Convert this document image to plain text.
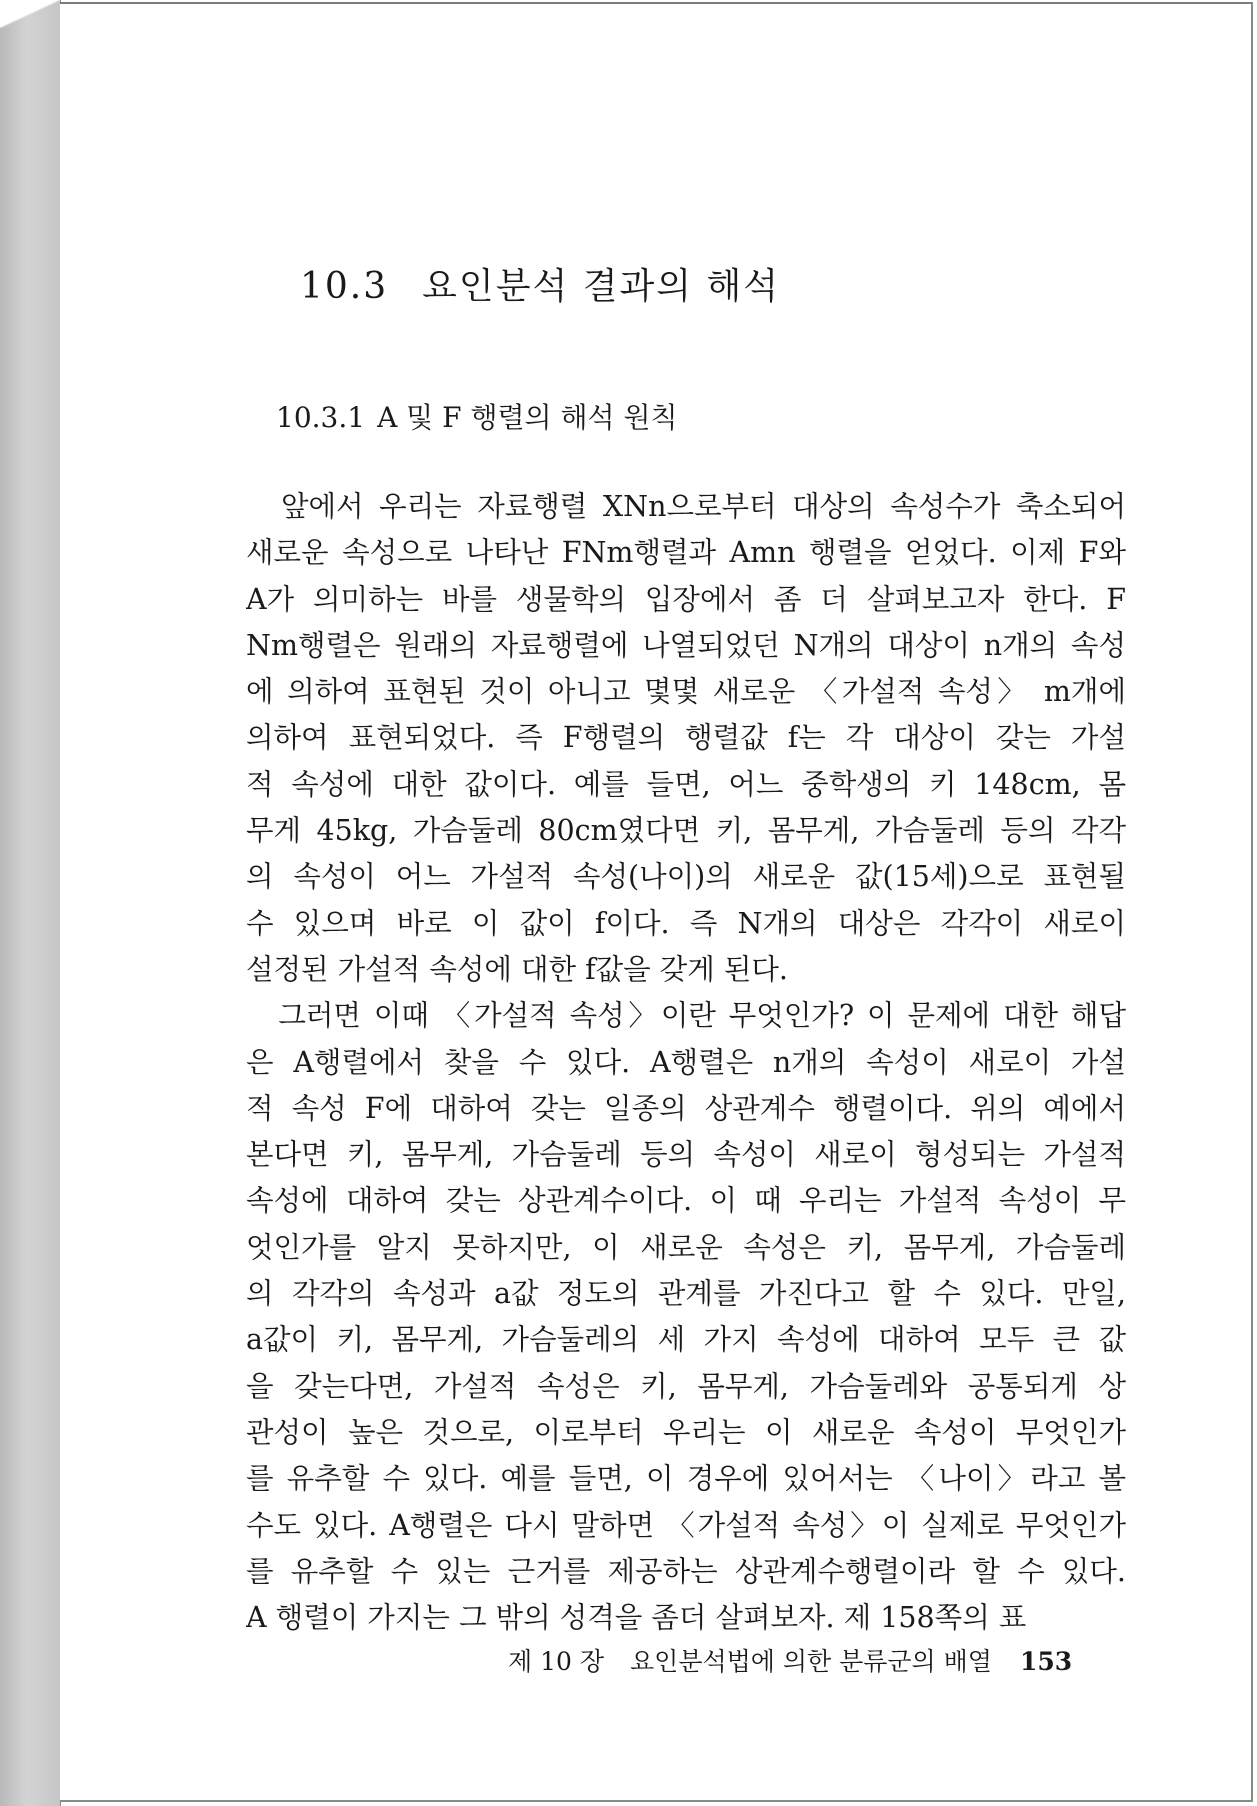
10.3 요인분석 결과의 해석
10.3.1 A 및 F 행렬의 해석 원칙
　앞에서 우리는 자료행렬 XNn으로부터 대상의 속성수가 축소되어
새로운 속성으로 나타난 FNm행렬과 Amn 행렬을 얻었다. 이제 F와
A가 의미하는 바를 생물학의 입장에서 좀 더 살펴보고자 한다. F
Nm행렬은 원래의 자료행렬에 나열되었던 N개의 대상이 n개의 속성
에 의하여 표현된 것이 아니고 몇몇 새로운 〈가설적 속성〉 m개에
의하여 표현되었다. 즉 F행렬의 행렬값 f는 각 대상이 갖는 가설
적 속성에 대한 값이다. 예를 들면, 어느 중학생의 키 148cm, 몸
무게 45kg, 가슴둘레 80cm였다면 키, 몸무게, 가슴둘레 등의 각각
의 속성이 어느 가설적 속성(나이)의 새로운 값(15세)으로 표현될
수 있으며 바로 이 값이 f이다. 즉 N개의 대상은 각각이 새로이
설정된 가설적 속성에 대한 f값을 갖게 된다.
　그러면 이때 〈가설적 속성〉이란 무엇인가? 이 문제에 대한 해답
은 A행렬에서 찾을 수 있다. A행렬은 n개의 속성이 새로이 가설
적 속성 F에 대하여 갖는 일종의 상관계수 행렬이다. 위의 예에서
본다면 키, 몸무게, 가슴둘레 등의 속성이 새로이 형성되는 가설적
속성에 대하여 갖는 상관계수이다. 이 때 우리는 가설적 속성이 무
엇인가를 알지 못하지만, 이 새로운 속성은 키, 몸무게, 가슴둘레
의 각각의 속성과 a값 정도의 관계를 가진다고 할 수 있다. 만일,
a값이 키, 몸무게, 가슴둘레의 세 가지 속성에 대하여 모두 큰 값
을 갖는다면, 가설적 속성은 키, 몸무게, 가슴둘레와 공통되게 상
관성이 높은 것으로, 이로부터 우리는 이 새로운 속성이 무엇인가
를 유추할 수 있다. 예를 들면, 이 경우에 있어서는 〈나이〉라고 볼
수도 있다. A행렬은 다시 말하면 〈가설적 속성〉이 실제로 무엇인가
를 유추할 수 있는 근거를 제공하는 상관계수행렬이라 할 수 있다.
A 행렬이 가지는 그 밖의 성격을 좀더 살펴보자. 제 158쪽의 표
제 10 장 요인분석법에 의한 분류군의 배열 153
